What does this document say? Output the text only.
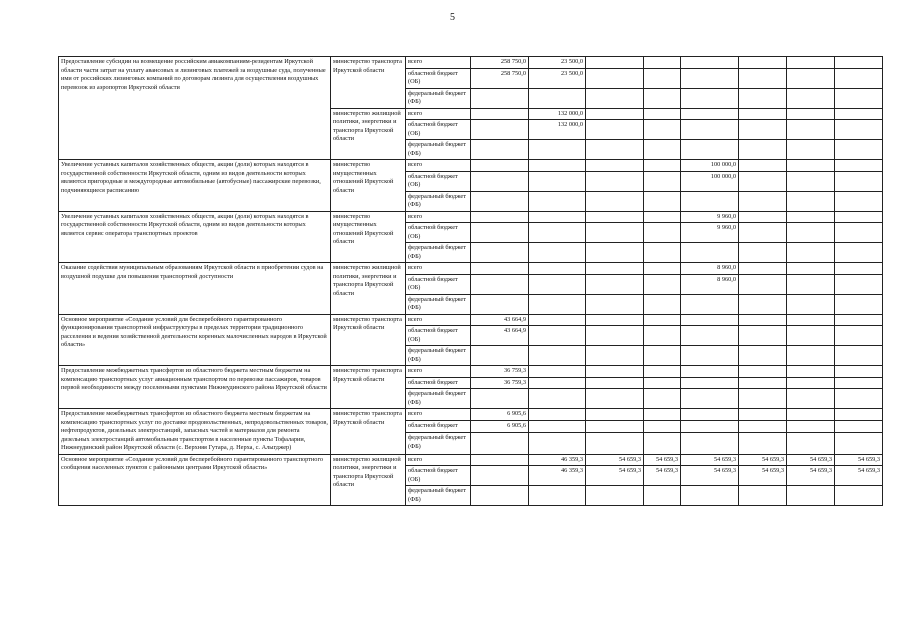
5
Предоставление субсидии на возмещение российским авиакомпаниям-резидентам Иркутской области части затрат на уплату авансовых и лизинговых платежей за воздушные суда, полученные ими от российских лизинговых компаний по договорам лизинга для осуществления воздушных перевозок из аэропортов Иркутской области	министерство транспорта Иркутской области	всего	258 750,0	23 500,0						
		областной бюджет (ОБ)	258 750,0	23 500,0						
		федеральный бюджет (ФБ)								
	министерство жилищной политики, энергетики и транспорта Иркутской области	всего		132 000,0						
		областной бюджет (ОБ)		132 000,0						
		федеральный бюджет (ФБ)								
Увеличение уставных капиталов хозяйственных обществ, акции (доли) которых находятся в государственной собственности Иркутской области, одним из видов деятельности которых являются пригородные и междугородные автомобильные (автобусные) пассажирские перевозки, подчиняющиеся расписанию	министерство имущественных отношений Иркутской области	всего					100 000,0			
		областной бюджет (ОБ)					100 000,0			
		федеральный бюджет (ФБ)								
Увеличение уставных капиталов хозяйственных обществ, акции (доли) которых находятся в государственной собственности Иркутской области, одним из видов деятельности которых является сервис оператора транспортных проектов	министерство имущественных отношений Иркутской области	всего					9 960,0			
		областной бюджет (ОБ)					9 960,0			
		федеральный бюджет (ФБ)								
Оказание содействия муниципальным образованиям Иркутской области в приобретении судов на воздушной подушке для повышения транспортной доступности	министерство жилищной политики, энергетики и транспорта Иркутской области	всего					8 960,0			
		областной бюджет (ОБ)					8 960,0			
		федеральный бюджет (ФБ)								
Основное мероприятие «Создание условий для бесперебойного гарантированного функционирования транспортной инфраструктуры в пределах территории традиционного расселения и ведения хозяйственной деятельности коренных малочисленных народов в Иркутской области»	министерство транспорта Иркутской области	всего	43 664,9							
		областной бюджет (ОБ)	43 664,9							
		федеральный бюджет (ФБ)								
Предоставление межбюджетных трансфертов из областного бюджета местным бюджетам на компенсацию транспортных услуг авиационным транспортом по перевозке пассажиров, товаров первой необходимости между поселенными пунктами Нижнеудинского района Иркутской области	министерство транспорта Иркутской области	всего	36 759,3							
		областной бюджет	36 759,3							
		федеральный бюджет (ФБ)								
Предоставление межбюджетных трансфертов из областного бюджета местным бюджетам на компенсацию транспортных услуг по доставке продовольственных, непродовольственных товаров, нефтепродуктов, дизельных электростанций, запасных частей и материалов для ремонта дизельных электростанций автомобильным транспортом в населенные пункты Тофаларии, Нижнеудинский район Иркутской области (с. Верхняя Гутара, д. Нерха, с. Алыгджер)	министерство транспорта Иркутской области	всего	6 905,6							
		областной бюджет	6 905,6							
		федеральный бюджет (ФБ)								
Основное мероприятие «Создание условий для бесперебойного гарантированного транспортного сообщения населенных пунктов с районными центрами Иркутской области»	министерство жилищной политики, энергетики и транспорта Иркутской области	всего		46 359,3	54 659,3	54 659,3	54 659,3	54 659,3	54 659,3	54 659,3
		областной бюджет (ОБ)		46 359,3	54 659,3	54 659,3	54 659,3	54 659,3	54 659,3	54 659,3
		федеральный бюджет (ФБ)								
